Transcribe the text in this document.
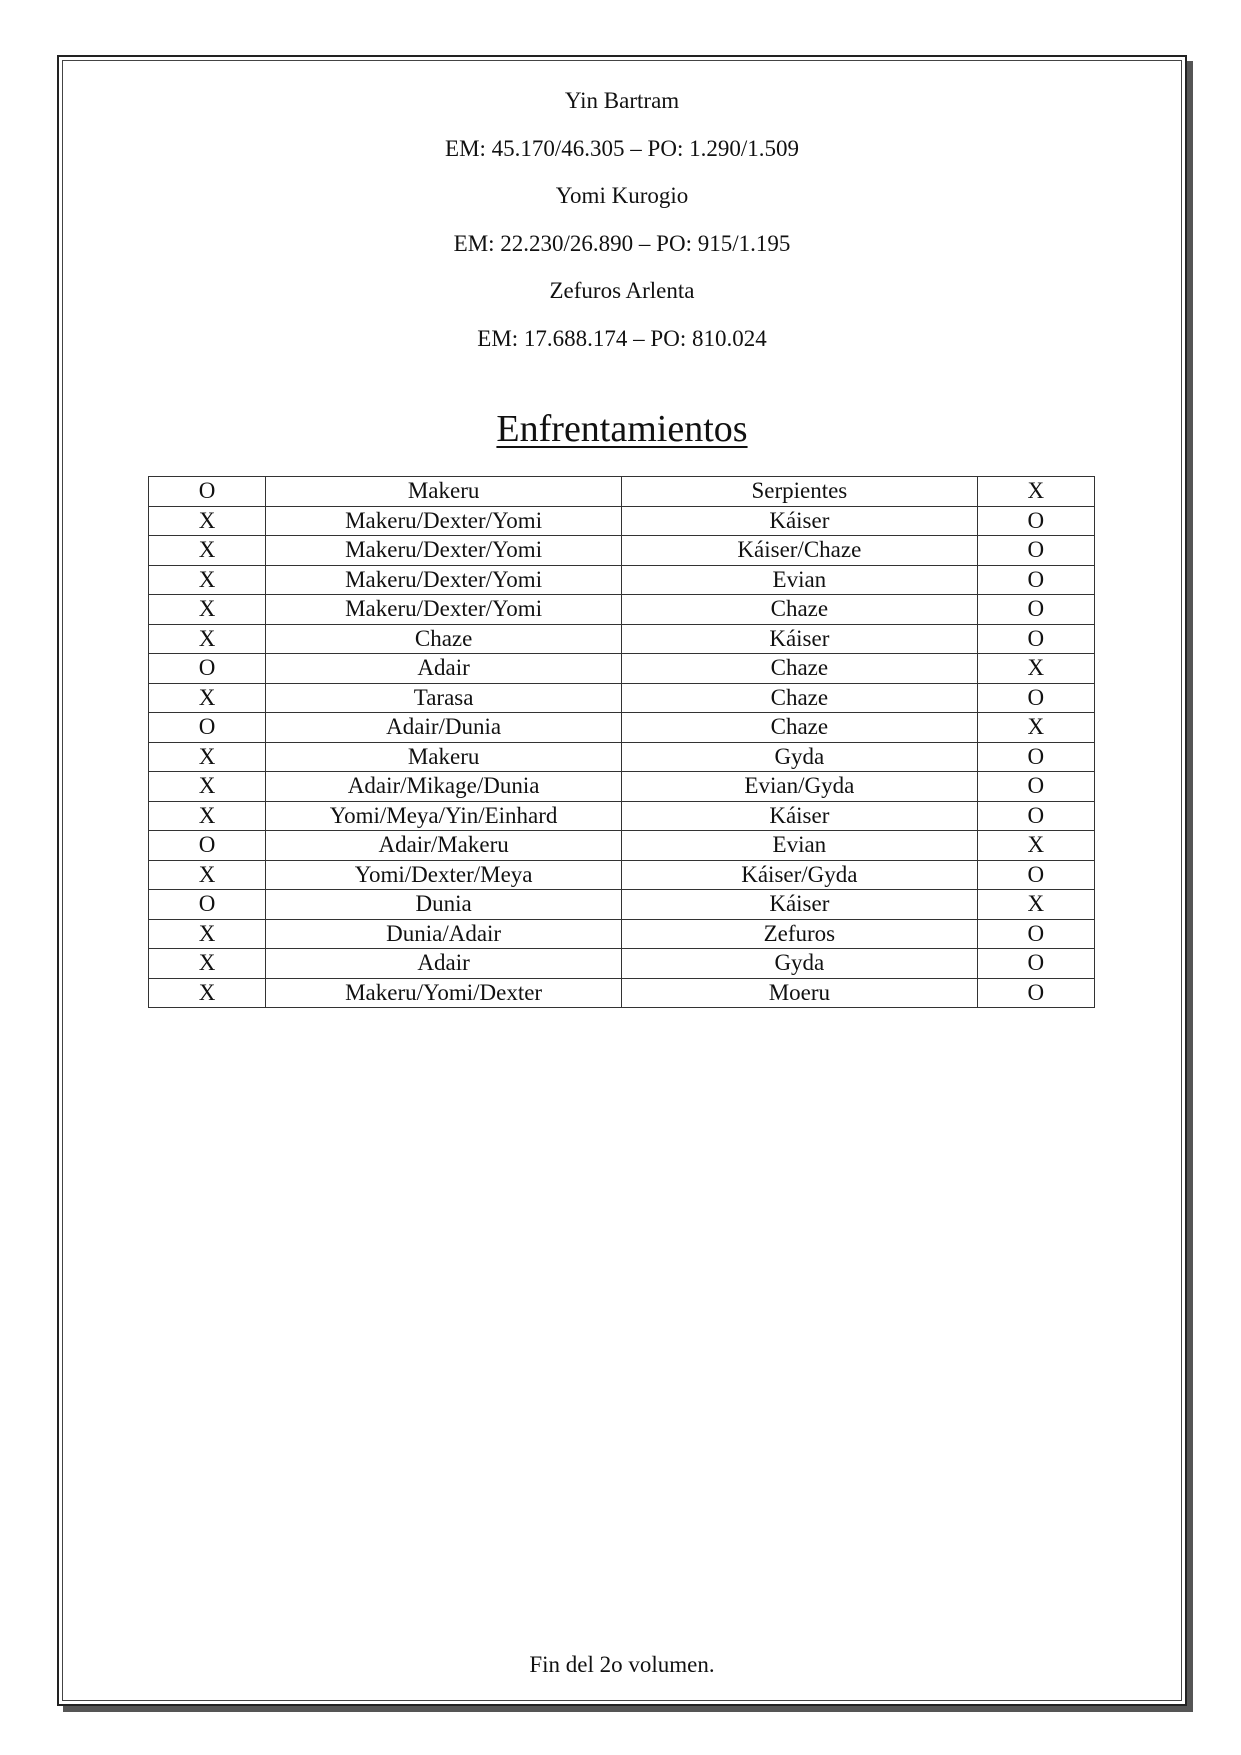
Yin Bartram

EM: 45.170/46.305 – PO: 1.290/1.509

Yomi Kurogio

EM: 22.230/26.890 – PO: 915/1.195

Zefuros Arlenta

EM: 17.688.174 – PO: 810.024

Enfrentamientos
O	Makeru	Serpientes	X
X	Makeru/Dexter/Yomi	Káiser	O
X	Makeru/Dexter/Yomi	Káiser/Chaze	O
X	Makeru/Dexter/Yomi	Evian	O
X	Makeru/Dexter/Yomi	Chaze	O
X	Chaze	Káiser	O
O	Adair	Chaze	X
X	Tarasa	Chaze	O
O	Adair/Dunia	Chaze	X
X	Makeru	Gyda	O
X	Adair/Mikage/Dunia	Evian/Gyda	O
X	Yomi/Meya/Yin/Einhard	Káiser	O
O	Adair/Makeru	Evian	X
X	Yomi/Dexter/Meya	Káiser/Gyda	O
O	Dunia	Káiser	X
X	Dunia/Adair	Zefuros	O
X	Adair	Gyda	O
X	Makeru/Yomi/Dexter	Moeru	O

Fin del 2o volumen.
